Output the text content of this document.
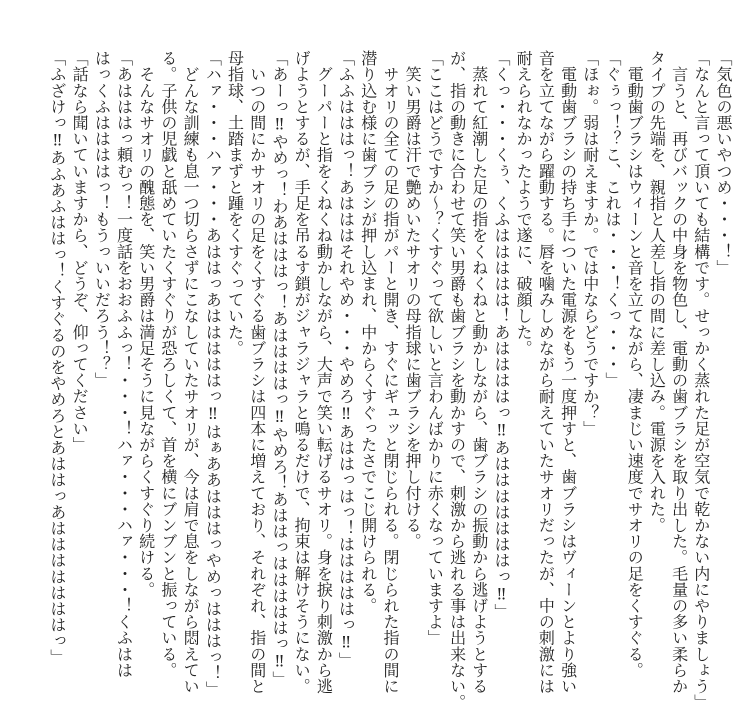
「気色の悪いやつめ・・・！」

「なんと言って頂いても結構です。せっかく蒸れた足が空気で乾かない内にやりましょう」

　言うと、再びバックの中身を物色し、電動の歯ブラシを取り出した。毛量の多い柔らか

タイプの先端を、親指と人差し指の間に差し込み。電源を入れた。

　電動歯ブラシはウィーンと音を立てながら、凄まじい速度でサオリの足をくすぐる。

「ぐぅっ！？こ、これは・・・！くっ・・・」

「ほぉ。弱は耐えますか。では中ならどうですか？」

　電動歯ブラシの持ち手についた電源をもう一度押すと、歯ブラシはヴィーンとより強い

音を立てながら躍動する。唇を噛みしめながら耐えていたサオリだったが、中の刺激には

耐えられなかったようで遂に、破顔した。

「くっ・・・くぅ、くふははははは！あははははっ‼あはははははははっ‼」

　蒸れて紅潮した足の指をくねくねと動かしながら、歯ブラシの振動から逃げようとする

が、指の動きに合わせて笑い男爵も歯ブラシを動かすので、刺激から逃れる事は出来ない。

「ここはどうですか～？くすぐって欲しいと言わんばかりに赤くなっていますよ」

　笑い男爵は汗で艶めいたサオリの母指球に歯ブラシを押し付ける。

　サオリの全ての足の指がパーと開き、すぐにギュッと閉じられる。閉じられた指の間に

潜り込む様に歯ブラシが押し込まれ、中からくすぐったさでこじ開けられる。

「ふふはははっ！あはははそれやめ・・・やめろ‼あははっはっ！はははははっ‼」

　グーパーと指をくねくね動かしながら、大声で笑い転げるサオリ。身を捩り刺激から逃

げようとするが、手足を吊るす鎖がジャラジャラと鳴るだけで、拘束は解けそうにない。

「あーっ‼やめっ！わあはははっ！あははははっ‼やめろ！あははっはははははっ‼」

　いつの間にかサオリの足をくすぐる歯ブラシは四本に増えており、それぞれ、指の間と

母指球、土踏まずと踵をくすぐっていた。

「ハァ・・・ハァ・・・あははっあはははははっ‼はぁああはははっやめっはははっ！」

　どんな訓練も息一つ切らさずにこなしていたサオリが、今は肩で息をしながら悶えてい

る。子供の児戯と舐めていたくすぐりが恐ろしくて、首を横にブンブンと振っている。

　そんなサオリの醜態を、笑い男爵は満足そうに見ながらくすぐり続ける。

「あはははっ頼むっ！一度話をおおふふっ！・・・！ハァ・・・ハァ・・・！くふはは

はっくふははははっ！もうっいいだろう！？」

「話なら聞いていますから、どうぞ、仰ってください」

「ふざけっ‼あふあふははっ！くすぐるのをやめろとあははっあはははははははっ」
